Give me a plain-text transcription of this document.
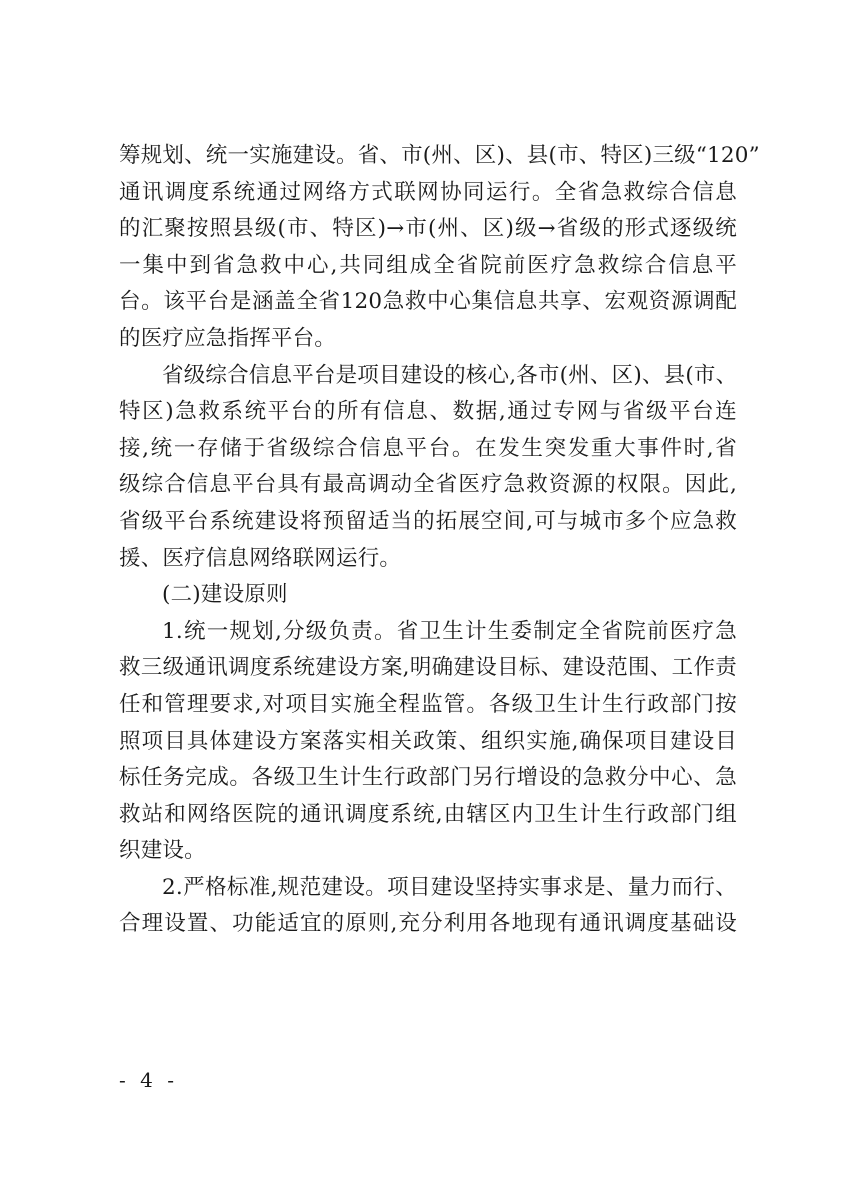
筹规划、统一实施建设。省、市(州、区)、县(市、特区)三级“120”
通讯调度系统通过网络方式联网协同运行。全省急救综合信息
的汇聚按照县级(市、特区)→市(州、区)级→省级的形式逐级统
一集中到省急救中心,共同组成全省院前医疗急救综合信息平
台。该平台是涵盖全省120急救中心集信息共享、宏观资源调配
的医疗应急指挥平台。
省级综合信息平台是项目建设的核心,各市(州、区)、县(市、
特区)急救系统平台的所有信息、数据,通过专网与省级平台连
接,统一存储于省级综合信息平台。在发生突发重大事件时,省
级综合信息平台具有最高调动全省医疗急救资源的权限。因此,
省级平台系统建设将预留适当的拓展空间,可与城市多个应急救
援、医疗信息网络联网运行。
(二)建设原则
1.统一规划,分级负责。省卫生计生委制定全省院前医疗急
救三级通讯调度系统建设方案,明确建设目标、建设范围、工作责
任和管理要求,对项目实施全程监管。各级卫生计生行政部门按
照项目具体建设方案落实相关政策、组织实施,确保项目建设目
标任务完成。各级卫生计生行政部门另行增设的急救分中心、急
救站和网络医院的通讯调度系统,由辖区内卫生计生行政部门组
织建设。
2.严格标准,规范建设。项目建设坚持实事求是、量力而行、
合理设置、功能适宜的原则,充分利用各地现有通讯调度基础设
- 4 -
